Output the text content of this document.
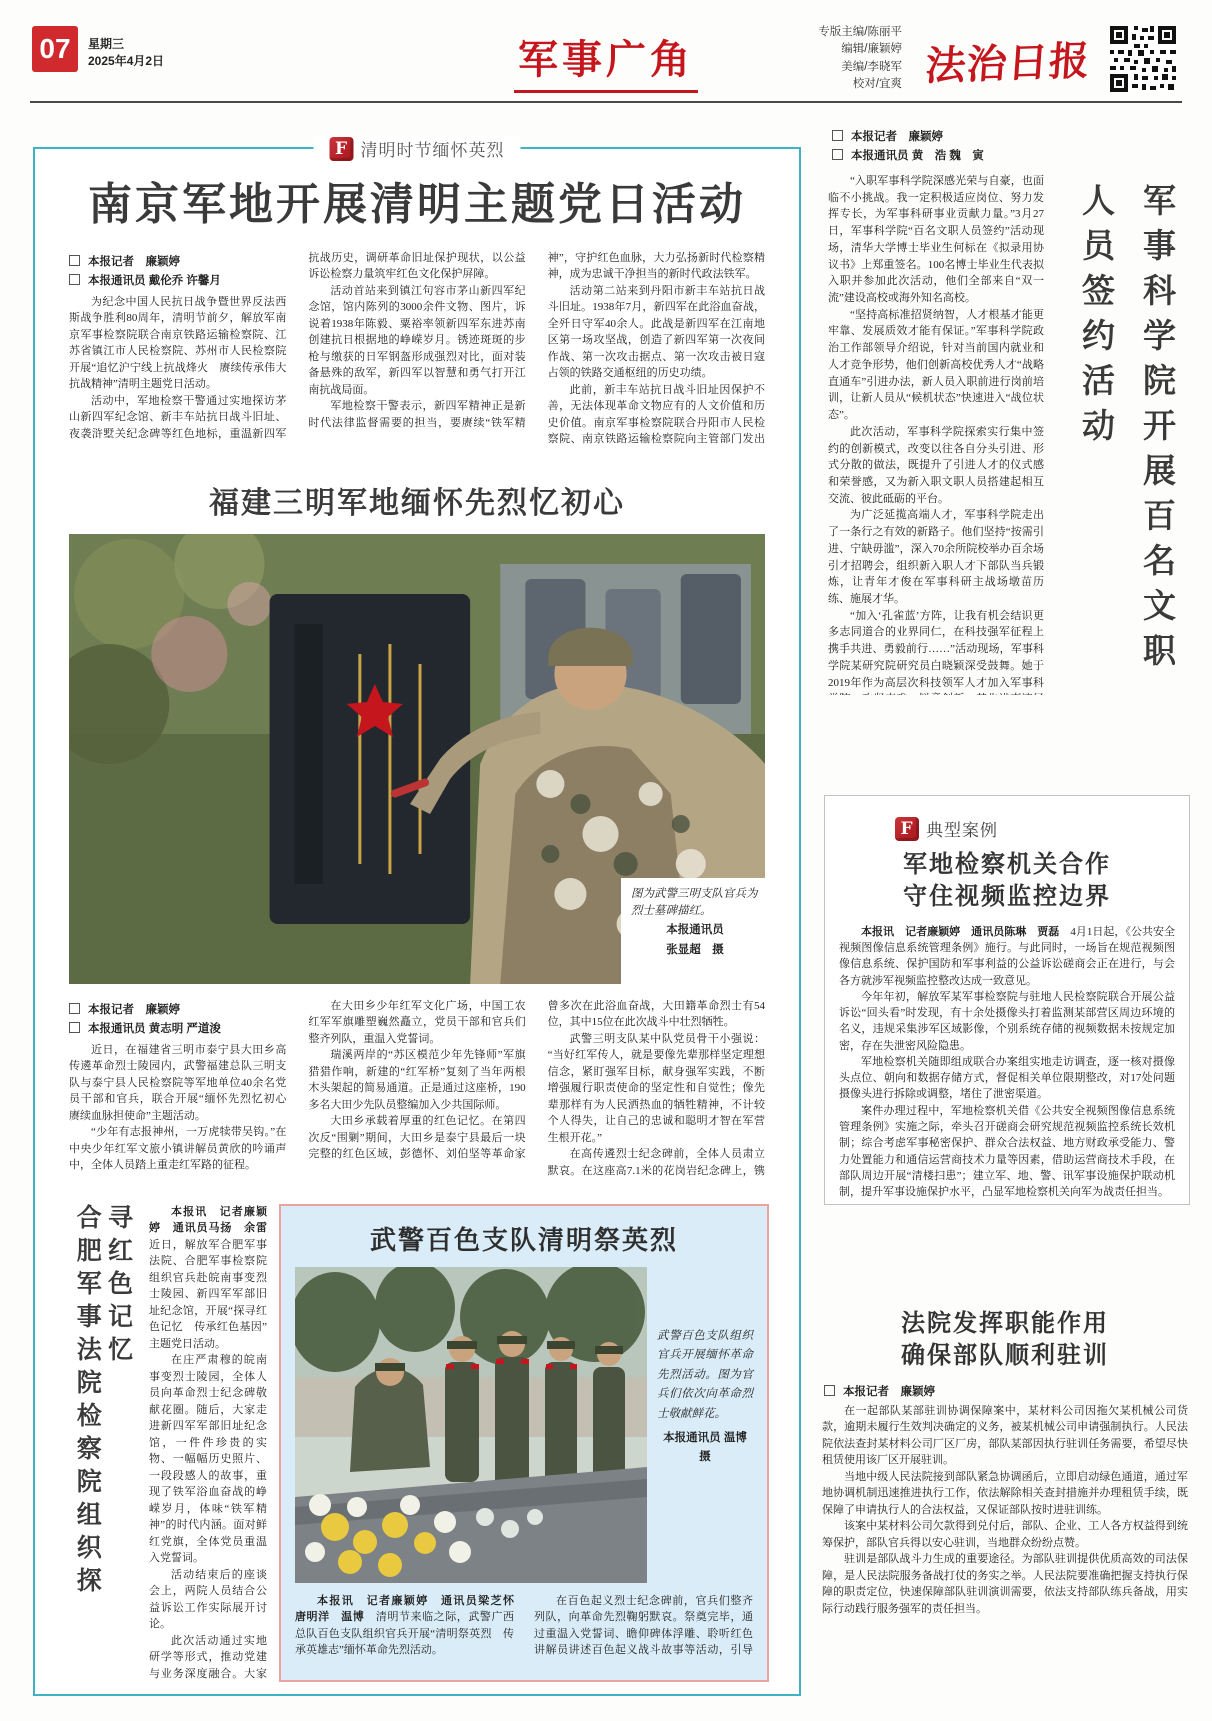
07	星期三
2025年4月2日	军事广角
专版主编/陈丽平
编辑/廉颖婷
美编/李晓军
校对/宜爽 法治日报
F 清明时节缅怀英烈
南京军地开展清明主题党日活动
本报记者　廉颖婷
本报通讯员 戴伦乔 许馨月

为纪念中国人民抗日战争暨世界反法西斯战争胜利80周年，清明节前夕，解放军南京军事检察院联合南京铁路运输检察院、江苏省镇江市人民检察院、苏州市人民检察院开展“追忆沪宁线上抗战烽火　赓续传承伟大抗战精神”清明主题党日活动。

活动中，军地检察干警通过实地探访茅山新四军纪念馆、新丰车站抗日战斗旧址、夜袭浒墅关纪念碑等红色地标，重温新四军抗战历史，调研革命旧址保护现状，以公益诉讼检察力量筑牢红色文化保护屏障。

活动首站来到镇江句容市茅山新四军纪念馆，馆内陈列的3000余件文物、图片，诉说着1938年陈毅、粟裕率领新四军东进苏南创建抗日根据地的峥嵘岁月。锈迹斑斑的步枪与缴获的日军钢盔形成强烈对比，面对装备悬殊的敌军，新四军以智慧和勇气打开江南抗战局面。

军地检察干警表示，新四军精神正是新时代法律监督需要的担当，要赓续“铁军精神”，守护红色血脉，大力弘扬新时代检察精神，成为忠诚干净担当的新时代政法铁军。

活动第二站来到丹阳市新丰车站抗日战斗旧址。1938年7月，新四军在此浴血奋战，全歼日守军40余人。此战是新四军在江南地区第一场攻坚战，创造了新四军第一次夜间作战、第一次攻击据点、第一次攻击被日寇占领的铁路交通枢纽的历史功绩。

此前，新丰车站抗日战斗旧址因保护不善，无法体现革命文物应有的人文价值和历史价值。南京军事检察院联合丹阳市人民检察院、南京铁路运输检察院向主管部门发出

福建三明军地缅怀先烈忆初心
图为武警三明支队官兵为烈士墓碑描红。
本报通讯员
张显超　摄
本报记者　廉颖婷
本报通讯员 黄志明 严道浚

近日，在福建省三明市泰宁县大田乡高传遴革命烈士陵园内，武警福建总队三明支队与泰宁县人民检察院等军地单位40余名党员干部和官兵，联合开展“缅怀先烈忆初心　赓续血脉担使命”主题活动。

“少年有志报神州，一万虎犊带吴钩。”在中央少年红军文旅小镇讲解员黄欣的吟诵声中，全体人员踏上重走红军路的征程。

在大田乡少年红军文化广场，中国工农红军军旗雕塑巍然矗立，党员干部和官兵们整齐列队，重温入党誓词。

瑞溪两岸的“苏区模范少年先锋师”军旗猎猎作响，新建的“红军桥”复刻了当年两根木头架起的简易通道。正是通过这座桥，190多名大田少先队员整编加入少共国际师。

大田乡承载着厚重的红色记忆。在第四次反“围剿”期间，大田乡是泰宁县最后一块完整的红色区域，彭德怀、刘伯坚等革命家曾多次在此浴血奋战，大田籍革命烈士有54位，其中15位在此次战斗中壮烈牺牲。

武警三明支队某中队党员骨干小强说：“当好红军传人，就是要像先辈那样坚定理想信念，紧盯强军目标，献身强军实践，不断增强履行职责使命的坚定性和自觉性；像先辈那样有为人民洒热血的牺牲精神，不计较个人得失，让自己的忠诚和聪明才智在军营生根开花。”

在高传遴烈士纪念碑前，全体人员肃立默哀。在这座高7.1米的花岗岩纪念碑上，镌

合肥军事法院检察院组织探寻红色记忆	本报讯　记者廉颖婷　通讯员马扬　余雷　近日，解放军合肥军事法院、合肥军事检察院组织官兵赴皖南事变烈士陵园、新四军军部旧址纪念馆，开展“探寻红色记忆　传承红色基因”主题党日活动。

在庄严肃穆的皖南事变烈士陵园，全体人员向革命烈士纪念碑敬献花圈。随后，大家走进新四军军部旧址纪念馆，一件件珍贵的实物、一幅幅历史照片、一段段感人的故事，重现了铁军浴血奋战的峥嵘岁月，体味“铁军精神”的时代内涵。面对鲜红党旗，全体党员重温入党誓词。

活动结束后的座谈会上，两院人员结合公益诉讼工作实际展开讨论。

此次活动通过实地研学等形式，推动党建与业务深度融合。大家

武警百色支队清明祭英烈
武警百色支队组织官兵开展缅怀革命先烈活动。图为官兵们依次向革命烈士敬献鲜花。
本报通讯员 温博　摄

本报讯　记者廉颖婷　通讯员梁芝怀　唐明洋　温博　 清明节来临之际，武警广西总队百色支队组织官兵开展“清明祭英烈　传承英雄志”缅怀革命先烈活动。

在百色起义烈士纪念碑前，官兵们整齐列队，向革命先烈鞠躬默哀。祭奠完毕，通过重温入党誓词、瞻仰碑体浮雕、聆听红色讲解员讲述百色起义战斗故事等活动，引导

本报记者　廉颖婷
本报通讯员 黄　浩 魏　寅

“入职军事科学院深感光荣与自豪，也面临不小挑战。我一定积极适应岗位、努力发挥专长，为军事科研事业贡献力量。”3月27日，军事科学院“百名文职人员签约”活动现场，清华大学博士毕业生何标在《拟录用协议书》上郑重签名。100名博士毕业生代表拟入职并参加此次活动，他们全部来自“双一流”建设高校或海外知名高校。

“坚持高标准招贤纳智，人才根基才能更牢靠、发展质效才能有保证。”军事科学院政治工作部领导介绍说，针对当前国内就业和人才竞争形势，他们创新高校优秀人才“战略直通车”引进办法，新人员入职前进行岗前培训，让新人员从“候机状态”快速进入“战位状态”。

此次活动，军事科学院探索实行集中签约的创新模式，改变以往各自分头引进、形式分散的做法，既提升了引进人才的仪式感和荣誉感，又为新入职文职人员搭建起相互交流、彼此砥砺的平台。

为广泛延揽高端人才，军事科学院走出了一条行之有效的新路子。他们坚持“按需引进、宁缺毋滥”，深入70余所院校举办百余场引才招聘会，组织新入职人才下部队当兵锻炼，让青年才俊在军事科研主战场墩苗历练、施展才华。

“加入‘孔雀蓝’方阵，让我有机会结识更多志同道合的业界同仁，在科技强军征程上携手共进、勇毅前行……”活动现场，军事科学院某研究院研究员白晓颖深受鼓舞。她于2019年作为高层次科技领军人才加入军事科

军事科学院开展百名文职人员签约活动
F 典型案例
军地检察机关合作
守住视频监控边界

本报讯　记者廉颖婷　通讯员陈琳　贾磊　 4月1日起，《公共安全视频图像信息系统管理条例》施行。与此同时，一场旨在规范视频图像信息系统、保护国防和军事利益的公益诉讼磋商会正在进行，与会各方就涉军视频监控整改达成一致意见。

今年年初，解放军某军事检察院与驻地人民检察院联合开展公益诉讼“回头看”时发现，有十余处摄像头打着监测某部营区周边环境的名义，违规采集涉军区域影像，个别系统存储的视频数据未按规定加密，存在失泄密风险隐患。

军地检察机关随即组成联合办案组实地走访调查，逐一核对摄像头点位、朝向和数据存储方式，督促相关单位限期整改，对17处问题摄像头进行拆除或调整，堵住了泄密渠道。

案件办理过程中，军地检察机关借《公共安全视频图像信息系统管理条例》实施之际，牵头召开磋商会研究规范视频监控系统长效机制；综合考虑军事秘密保护、群众合法权益、地方财政承受能力、警力处置能力和通信运营商技术力量等因素，借助运营商技术手段，在部队周边开展“清楼扫患”；建立军、地、警、讯军事设施保护联动机制，提升军事设施保护水平，凸显军地检察机关向军为战责任担当。

法院发挥职能作用
确保部队顺利驻训
本报记者　廉颖婷

在一起部队某部驻训协调保障案中，某材料公司因拖欠某机械公司货款，逾期未履行生效判决确定的义务，被某机械公司申请强制执行。人民法院依法查封某材料公司厂区厂房，部队某部因执行驻训任务需要，希望尽快租赁使用该厂区开展驻训。

当地中级人民法院接到部队紧急协调函后，立即启动绿色通道，通过军地协调机制迅速推进执行工作，依法解除相关查封措施并办理租赁手续，既保障了申请执行人的合法权益，又保证部队按时进驻训练。

该案中某材料公司欠款得到兑付后，部队、企业、工人各方权益得到统筹保护，部队官兵得以安心驻训，当地群众纷纷点赞。

驻训是部队战斗力生成的重要途径。为部队驻训提供优质高效的司法保障，是人民法院服务备战打仗的务实之举。人民法院要准确把握支持执行保障的职责定位，快速保障部队驻训演训需要，依法支持部队练兵备战，用实际行动践行服务强军的责任担当。
